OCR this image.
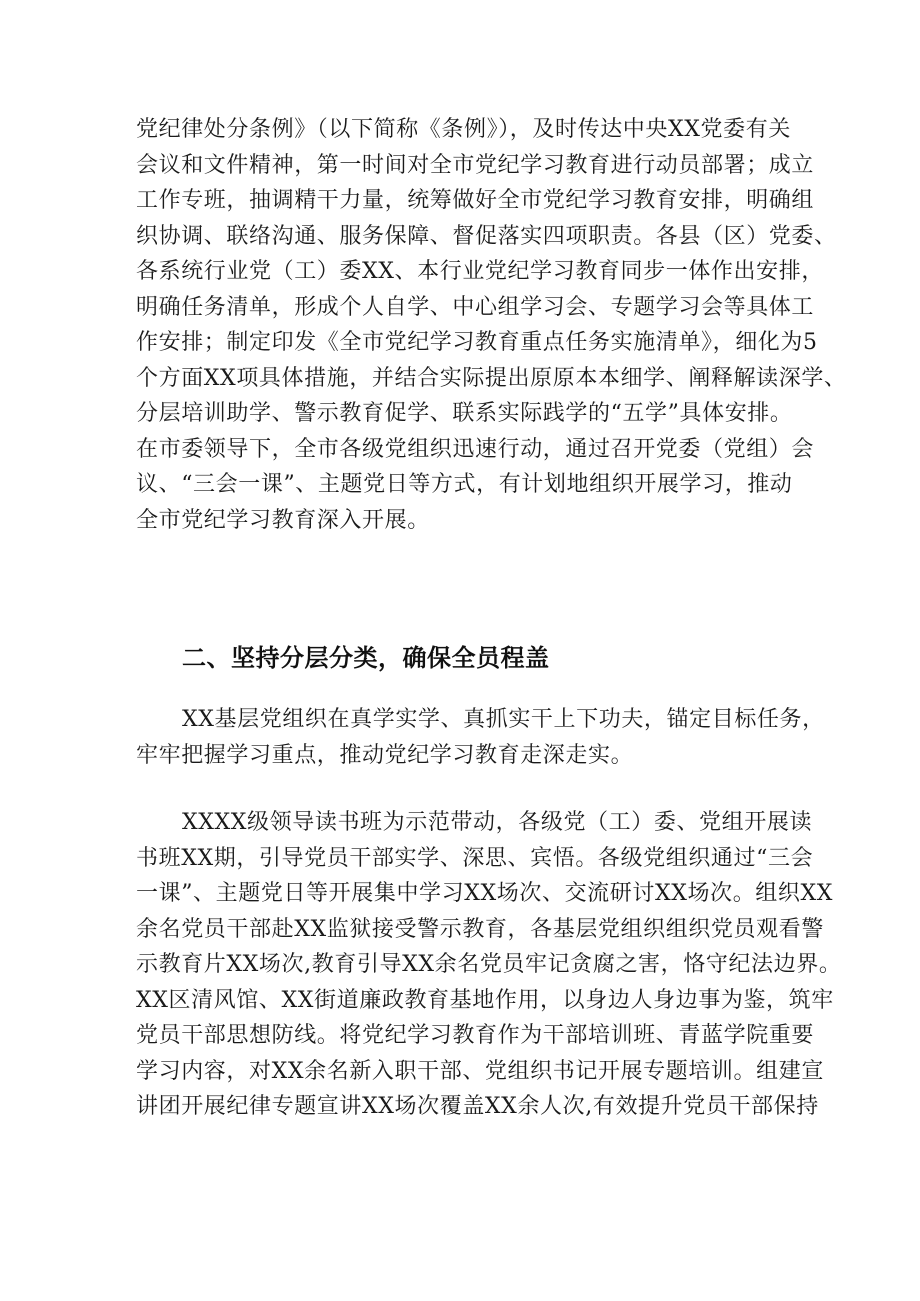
党纪律处分条例》（以下简称《条例》），及时传达中央XX党委有关
会议和文件精神，第一时间对全市党纪学习教育进行动员部署；成立
工作专班，抽调精干力量，统筹做好全市党纪学习教育安排，明确组
织协调、联络沟通、服务保障、督促落实四项职责。各县（区）党委、
各系统行业党（工）委XX、本行业党纪学习教育同步一体作出安排，
明确任务清单，形成个人自学、中心组学习会、专题学习会等具体工
作安排；制定印发《全市党纪学习教育重点任务实施清单》，细化为5
个方面XX项具体措施，并结合实际提出原原本本细学、阐释解读深学、
分层培训助学、警示教育促学、联系实际践学的“五学”具体安排。
在市委领导下，全市各级党组织迅速行动，通过召开党委（党组）会
议、“三会一课”、主题党日等方式，有计划地组织开展学习，推动
全市党纪学习教育深入开展。
二、坚持分层分类，确保全员程盖
XX基层党组织在真学实学、真抓实干上下功夫，锚定目标任务，
牢牢把握学习重点，推动党纪学习教育走深走实。
XXXX级领导读书班为示范带动，各级党（工）委、党组开展读
书班XX期，引导党员干部实学、深思、宾悟。各级党组织通过“三会
一课”、主题党日等开展集中学习XX场次、交流研讨XX场次。组织XX
余名党员干部赴XX监狱接受警示教育，各基层党组织组织党员观看警
示教育片XX场次,教育引导XX余名党员牢记贪腐之害，恪守纪法边界。
XX区清风馆、XX街道廉政教育基地作用，以身边人身边事为鉴，筑牢
党员干部思想防线。将党纪学习教育作为干部培训班、青蓝学院重要
学习内容，对XX余名新入职干部、党组织书记开展专题培训。组建宣
讲团开展纪律专题宣讲XX场次覆盖XX余人次,有效提升党员干部保持
